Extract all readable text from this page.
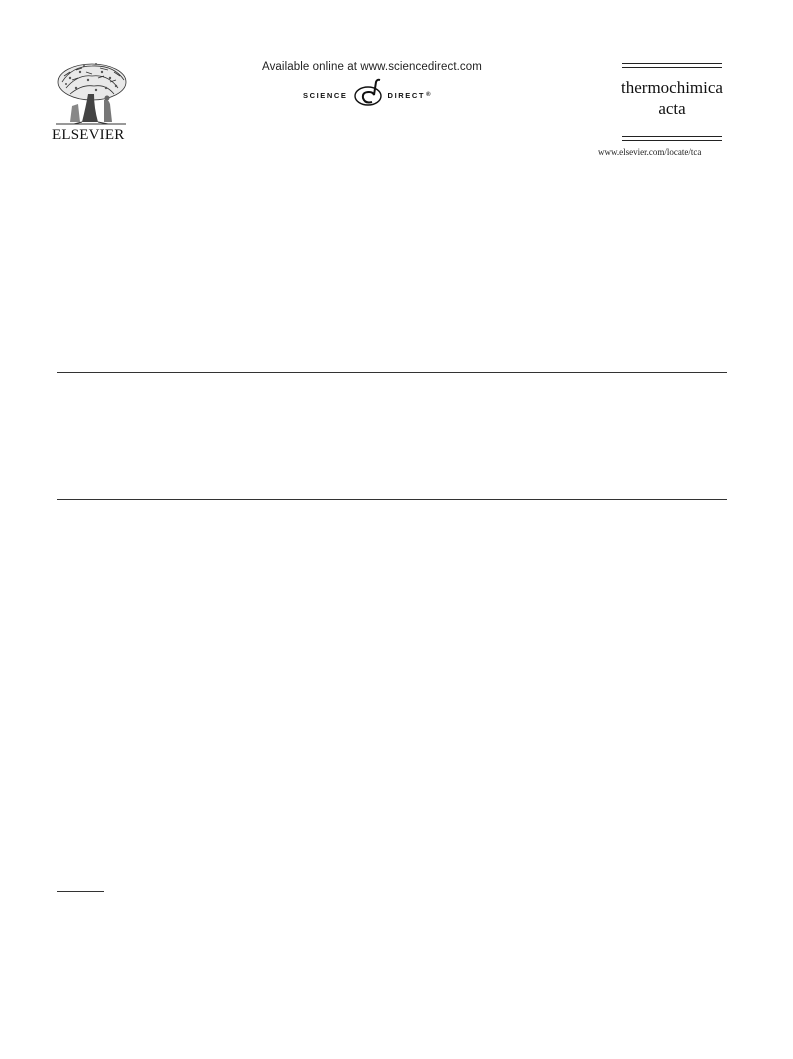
ELSEVIER
Available online at www.sciencedirect.com
SCIENCE	DIRECT ®	thermochimica
acta
www.elsevier.com/locate/tca
